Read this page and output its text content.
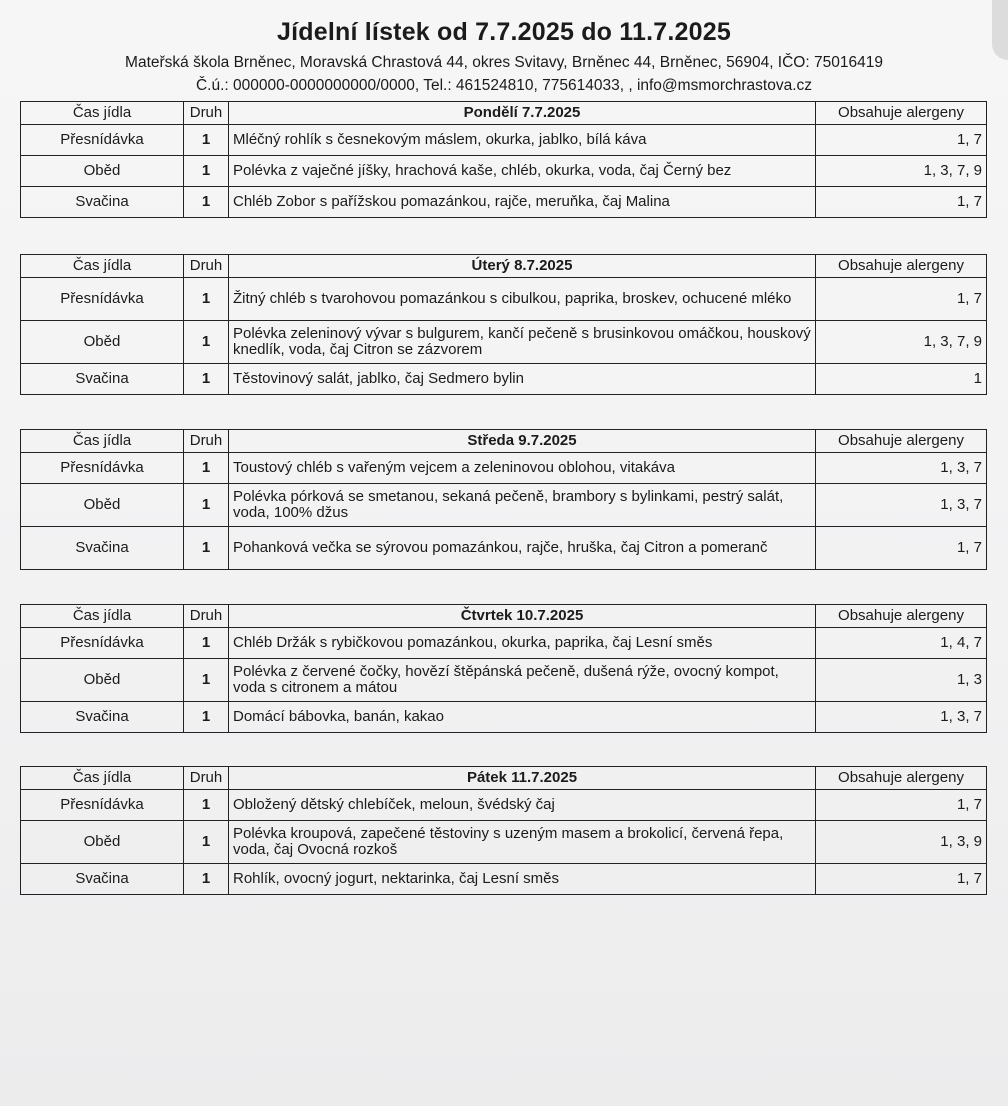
Jídelní lístek od 7.7.2025 do 11.7.2025
Mateřská škola Brněnec, Moravská Chrastová 44, okres Svitavy, Brněnec 44, Brněnec, 56904, IČO: 75016419
Č.ú.: 000000-0000000000/0000, Tel.: 461524810, 775614033, , info@msmorchrastova.cz
Čas jídla	Druh	Pondělí 7.7.2025	Obsahuje alergeny
Přesnídávka	1	Mléčný rohlík s česnekovým máslem, okurka, jablko, bílá káva	1, 7
Oběd	1	Polévka z vaječné jíšky, hrachová kaše, chléb, okurka, voda, čaj Černý bez	1, 3, 7, 9
Svačina	1	Chléb Zobor s pařížskou pomazánkou, rajče, meruňka, čaj Malina	1, 7
Čas jídla	Druh	Úterý 8.7.2025	Obsahuje alergeny
Přesnídávka	1	Žitný chléb s tvarohovou pomazánkou s cibulkou, paprika, broskev, ochucené mléko	1, 7
Oběd	1	Polévka zeleninový vývar s bulgurem, kančí pečeně s brusinkovou omáčkou, houskový knedlík, voda, čaj Citron se zázvorem	1, 3, 7, 9
Svačina	1	Těstovinový salát, jablko, čaj Sedmero bylin	1
Čas jídla	Druh	Středa 9.7.2025	Obsahuje alergeny
Přesnídávka	1	Toustový chléb s vařeným vejcem a zeleninovou oblohou, vitakáva	1, 3, 7
Oběd	1	Polévka pórková se smetanou, sekaná pečeně, brambory s bylinkami, pestrý salát, voda, 100% džus	1, 3, 7
Svačina	1	Pohanková večka se sýrovou pomazánkou, rajče, hruška, čaj Citron a pomeranč	1, 7
Čas jídla	Druh	Čtvrtek 10.7.2025	Obsahuje alergeny
Přesnídávka	1	Chléb Držák s rybičkovou pomazánkou, okurka, paprika, čaj Lesní směs	1, 4, 7
Oběd	1	Polévka z červené čočky, hovězí štěpánská pečeně, dušená rýže, ovocný kompot, voda s citronem a mátou	1, 3
Svačina	1	Domácí bábovka, banán, kakao	1, 3, 7
Čas jídla	Druh	Pátek 11.7.2025	Obsahuje alergeny
Přesnídávka	1	Obložený dětský chlebíček, meloun, švédský čaj	1, 7
Oběd	1	Polévka kroupová, zapečené těstoviny s uzeným masem a brokolicí, červená řepa, voda, čaj Ovocná rozkoš	1, 3, 9
Svačina	1	Rohlík, ovocný jogurt, nektarinka, čaj Lesní směs	1, 7
